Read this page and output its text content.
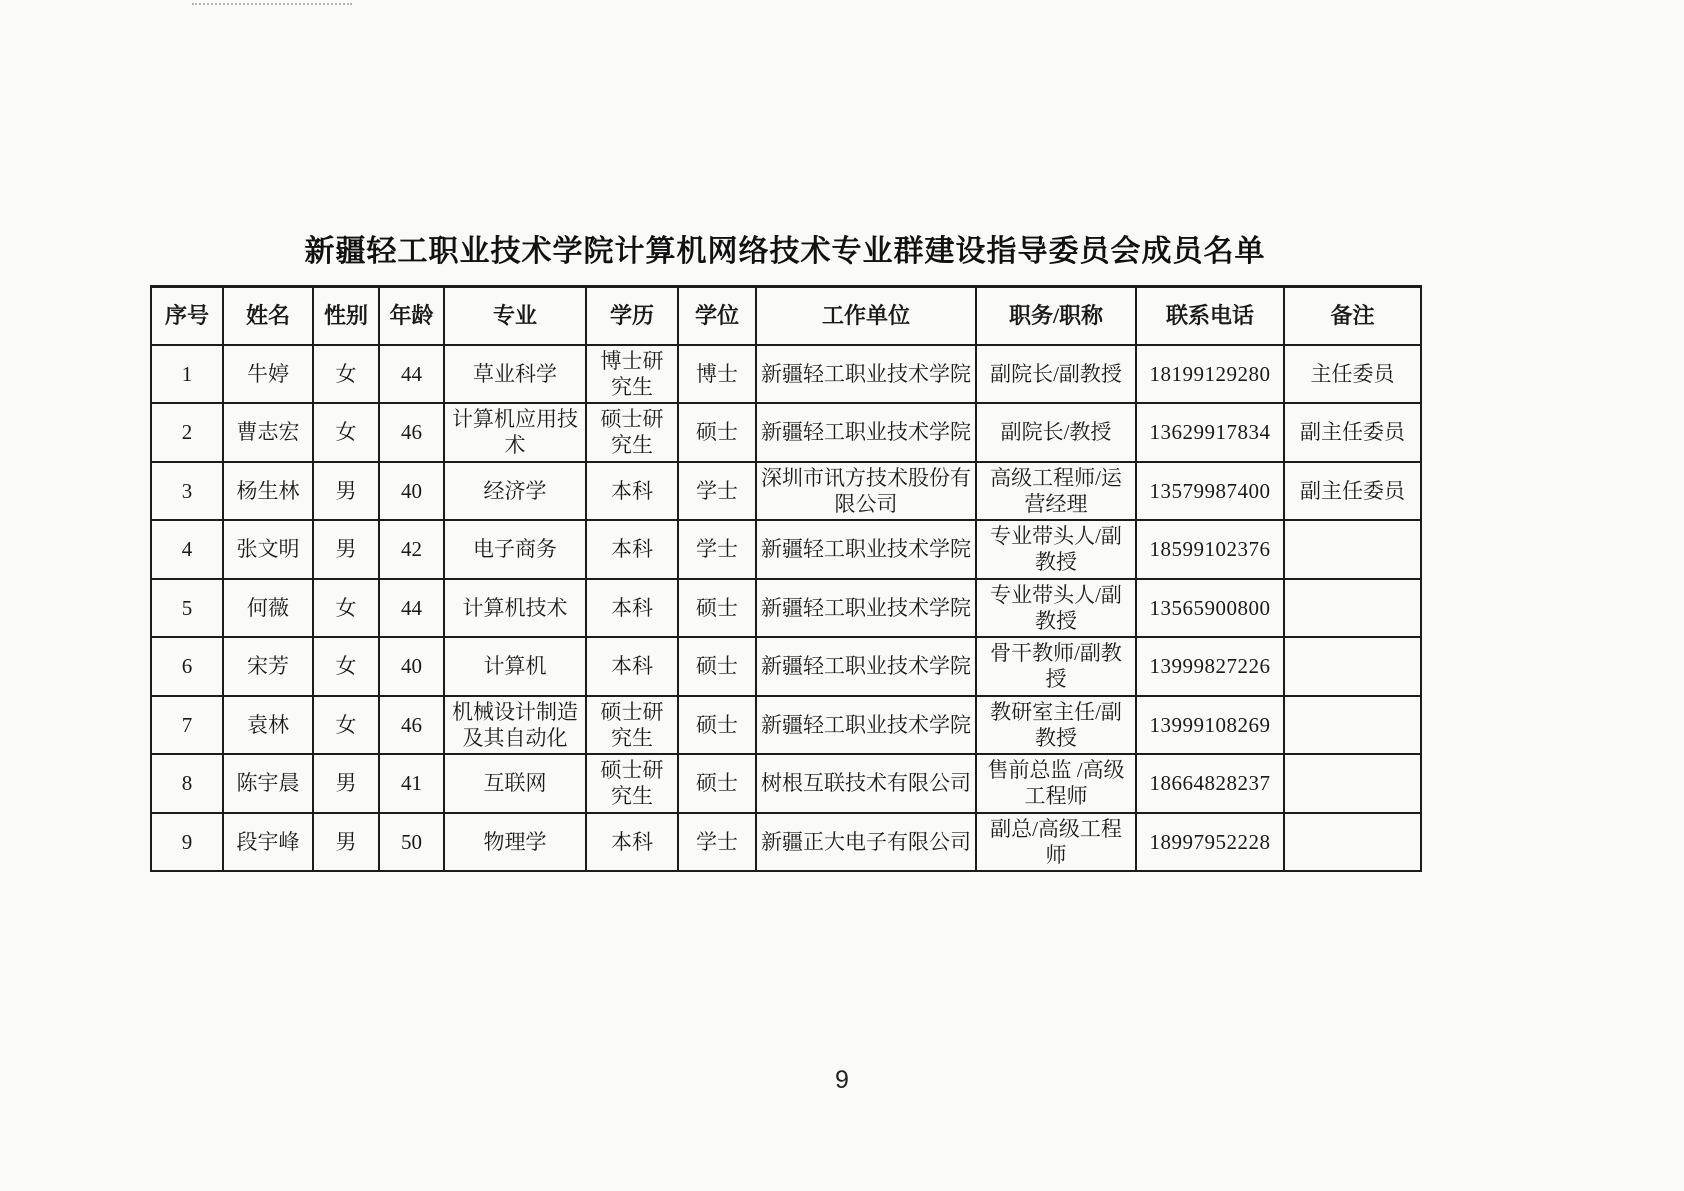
新疆轻工职业技术学院计算机网络技术专业群建设指导委员会成员名单
序号	姓名	性别	年龄	专业	学历	学位	工作单位	职务/职称	联系电话	备注
1	牛婷	女	44	草业科学	博士研究生	博士	新疆轻工职业技术学院	副院长/副教授	18199129280	主任委员
2	曹志宏	女	46	计算机应用技术	硕士研究生	硕士	新疆轻工职业技术学院	副院长/教授	13629917834	副主任委员
3	杨生林	男	40	经济学	本科	学士	深圳市讯方技术股份有限公司	高级工程师/运营经理	13579987400	副主任委员
4	张文明	男	42	电子商务	本科	学士	新疆轻工职业技术学院	专业带头人/副教授	18599102376	
5	何薇	女	44	计算机技术	本科	硕士	新疆轻工职业技术学院	专业带头人/副教授	13565900800	
6	宋芳	女	40	计算机	本科	硕士	新疆轻工职业技术学院	骨干教师/副教授	13999827226	
7	袁林	女	46	机械设计制造及其自动化	硕士研究生	硕士	新疆轻工职业技术学院	教研室主任/副教授	13999108269	
8	陈宇晨	男	41	互联网	硕士研究生	硕士	树根互联技术有限公司	售前总监 /高级工程师	18664828237	
9	段宇峰	男	50	物理学	本科	学士	新疆正大电子有限公司	副总/高级工程师	18997952228	
9
